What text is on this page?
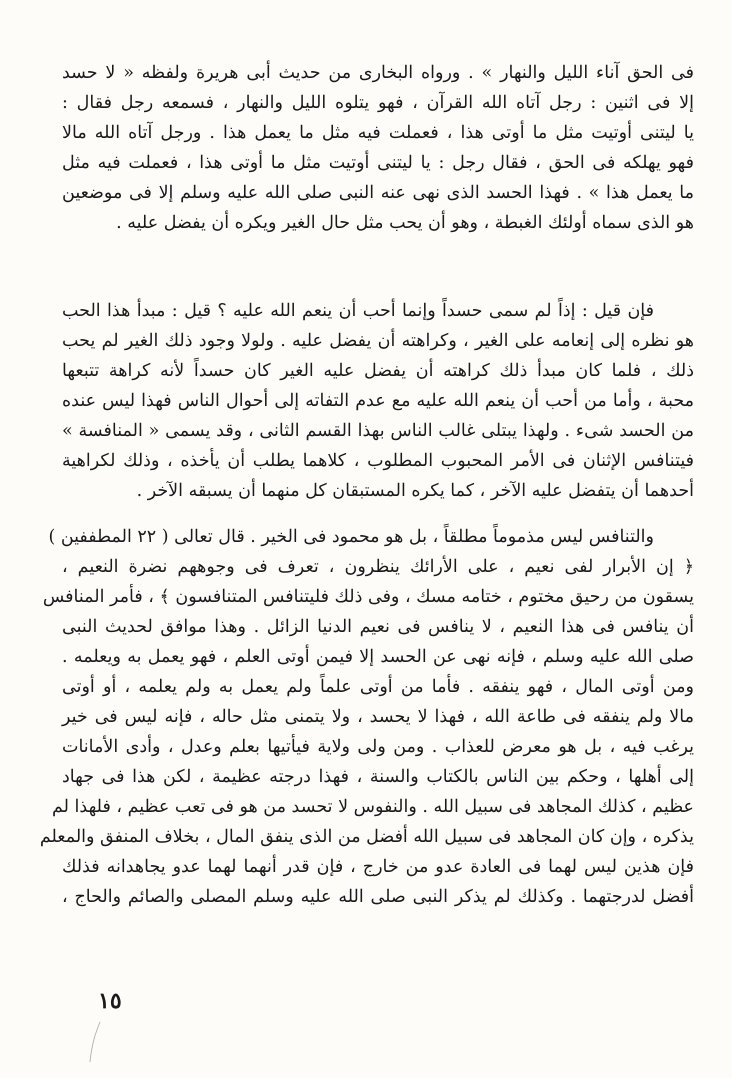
فى الحق آناء الليل والنهار » . ورواه البخارى من حديث أبى هريرة ولفظه « لا حسد
إلا فى اثنين : رجل آتاه الله القرآن ، فهو يتلوه الليل والنهار ، فسمعه رجل فقال :
يا ليتنى أوتيت مثل ما أوتى هذا ، فعملت فيه مثل ما يعمل هذا . ورجل آتاه الله مالا
فهو يهلكه فى الحق ، فقال رجل : يا ليتنى أوتيت مثل ما أوتى هذا ، فعملت فيه مثل
ما يعمل هذا » . فهذا الحسد الذى نهى عنه النبى صلى الله عليه وسلم إلا فى موضعين
هو الذى سماه أولئك الغبطة ، وهو أن يحب مثل حال الغير ويكره أن يفضل عليه .
فإن قيل : إذاً لم سمى حسداً وإنما أحب أن ينعم الله عليه ؟ قيل : مبدأ هذا الحب
هو نظره إلى إنعامه على الغير ، وكراهته أن يفضل عليه . ولولا وجود ذلك الغير لم يحب
ذلك ، فلما كان مبدأ ذلك كراهته أن يفضل عليه الغير كان حسداً لأنه كراهة تتبعها
محبة ، وأما من أحب أن ينعم الله عليه مع عدم التفاته إلى أحوال الناس فهذا ليس عنده
من الحسد شىء . ولهذا يبتلى غالب الناس بهذا القسم الثانى ، وقد يسمى « المنافسة »
فيتنافس الإثنان فى الأمر المحبوب المطلوب ، كلاهما يطلب أن يأخذه ، وذلك لكراهية
أحدهما أن يتفضل عليه الآخر ، كما يكره المستبقان كل منهما أن يسبقه الآخر .
والتنافس ليس مذموماً مطلقاً ، بل هو محمود فى الخير . قال تعالى ( ٢٢ المطففين )
﴿ إن الأبرار لفى نعيم ، على الأرائك ينظرون ، تعرف فى وجوههم نضرة النعيم ،
يسقون من رحيق مختوم ، ختامه مسك ، وفى ذلك فليتنافس المتنافسون ﴾ ، فأمر المنافس
أن ينافس فى هذا النعيم ، لا ينافس فى نعيم الدنيا الزائل . وهذا موافق لحديث النبى
صلى الله عليه وسلم ، فإنه نهى عن الحسد إلا فيمن أوتى العلم ، فهو يعمل به ويعلمه .
ومن أوتى المال ، فهو ينفقه . فأما من أوتى علماً ولم يعمل به ولم يعلمه ، أو أوتى
مالا ولم ينفقه فى طاعة الله ، فهذا لا يحسد ، ولا يتمنى مثل حاله ، فإنه ليس فى خير
يرغب فيه ، بل هو معرض للعذاب . ومن ولى ولاية فيأتيها بعلم وعدل ، وأدى الأمانات
إلى أهلها ، وحكم بين الناس بالكتاب والسنة ، فهذا درجته عظيمة ، لكن هذا فى جهاد
عظيم ، كذلك المجاهد فى سبيل الله . والنفوس لا تحسد من هو فى تعب عظيم ، فلهذا لم
يذكره ، وإن كان المجاهد فى سبيل الله أفضل من الذى ينفق المال ، بخلاف المنفق والمعلم
فإن هذين ليس لهما فى العادة عدو من خارج ، فإن قدر أنهما لهما عدو يجاهدانه فذلك
أفضل لدرجتهما . وكذلك لم يذكر النبى صلى الله عليه وسلم المصلى والصائم والحاج ،
١٥
